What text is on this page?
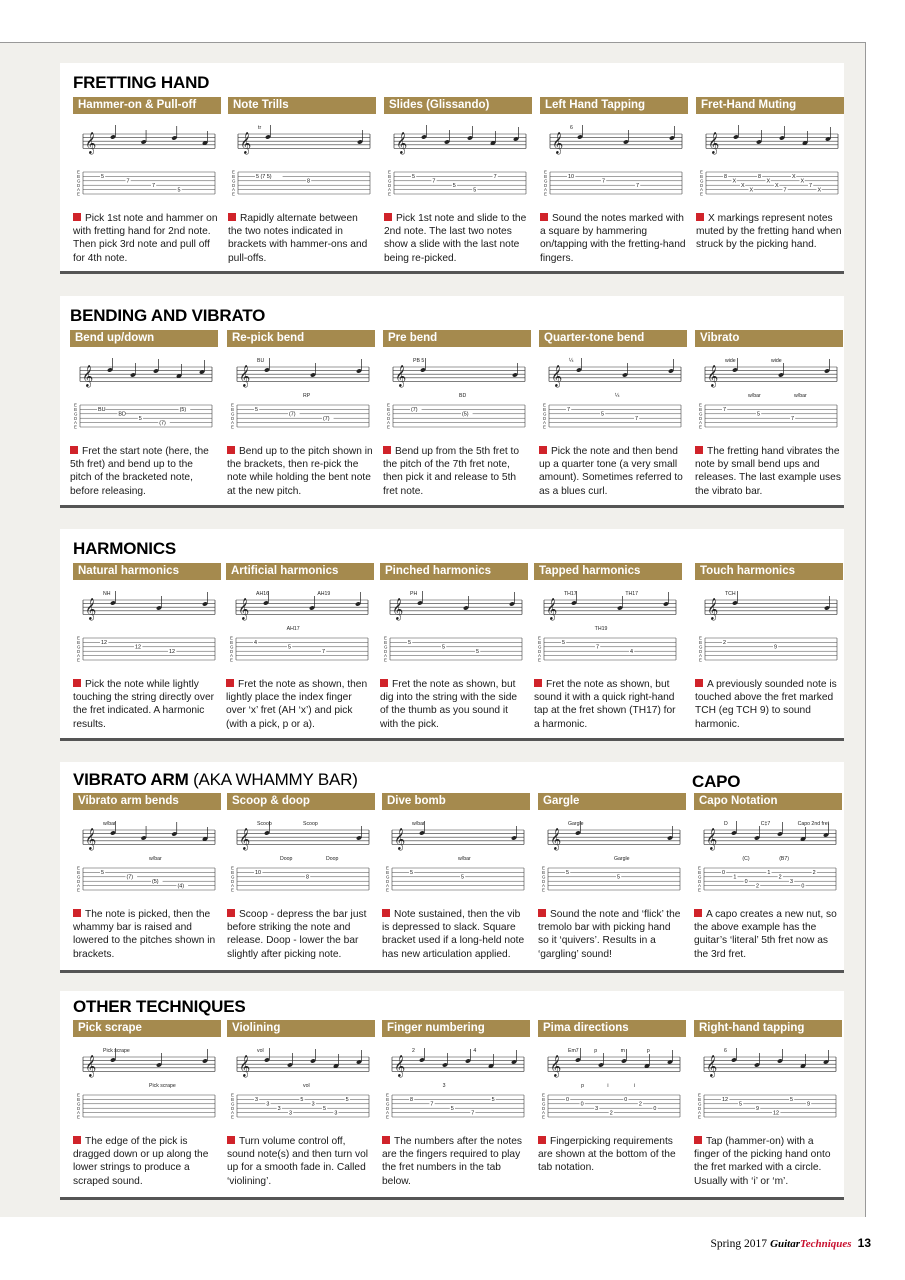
FRETTING HAND
Hammer-on & Pull-off
𝄞
E
B
G
D
A
E
5
7
7
5
Pick 1st note and hammer on with fretting hand for 2nd note. Then pick 3rd note and pull off for 4th note.
Note Trills
𝄞
E
B
G
D
A
E
tr
5 (7 5)
8
Rapidly alternate between the two notes indicated in brackets with hammer-ons and pull-offs.
Slides (Glissando)
𝄞
E
B
G
D
A
E
5
7
5
5
7
Pick 1st note and slide to the 2nd note. The last two notes show a slide with the last note being re-picked.
Left Hand Tapping
𝄞
E
B
G
D
A
E
6
10
7
7
Sound the notes marked with a square by hammering on/tapping with the fretting-hand fingers.
Fret-Hand Muting
𝄞
E
B
G
D
A
E
8
X
X
X
8
X
X
7
X
X
7
X
X markings represent notes muted by the fretting hand when struck by the picking hand.
BENDING AND VIBRATO
Bend up/down
𝄞
E
B
G
D
A
E
BU
BD
5
(7)
(5)
Fret the start note (here, the 5th fret) and bend up to the pitch of the bracketed note, before releasing.
Re-pick bend
𝄞
E
B
G
D
A
E
BU
RP
5
(7)
(7)
Bend up to the pitch shown in the brackets, then re-pick the note while holding the bent note at the new pitch.
Pre bend
𝄞
E
B
G
D
A
E
PB 5
BD
(7)
(5)
Bend up from the 5th fret to the pitch of the 7th fret note, then pick it and release to 5th fret note.
Quarter-tone bend
𝄞
E
B
G
D
A
E
¼
¼
7
5
7
Pick the note and then bend up a quarter tone (a very small amount). Sometimes referred to as a blues curl.
Vibrato
𝄞
E
B
G
D
A
E
wide
w/bar
wide
w/bar
7
5
7
The fretting hand vibrates the note by small bend ups and releases. The last example uses the vibrato bar.
HARMONICS
Natural harmonics
𝄞
E
B
G
D
A
E
NH
12
12
12
Pick the note while lightly touching the string directly over the fret indicated. A harmonic results.
Artificial harmonics
𝄞
E
B
G
D
A
E
AH16
AH17
AH19
4
5
7
Fret the note as shown, then lightly place the index finger over ‘x’ fret (AH ‘x’) and pick (with a pick, p or a).
Pinched harmonics
𝄞
E
B
G
D
A
E
PH
5
5
5
Fret the note as shown, but dig into the string with the side of the thumb as you sound it with the pick.
Tapped harmonics
𝄞
E
B
G
D
A
E
TH17
TH19
TH17
5
7
4
Fret the note as shown, but sound it with a quick right-hand tap at the fret shown (TH17) for a harmonic.
Touch harmonics
𝄞
E
B
G
D
A
E
TCH
2
9
A previously sounded note is touched above the fret marked TCH (eg TCH 9) to sound harmonic.
VIBRATO ARM (AKA WHAMMY BAR)	CAPO
Vibrato arm bends
𝄞
E
B
G
D
A
E
w/bar
w/bar
5
(7)
(5)
(4)
The note is picked, then the whammy bar is raised and lowered to the pitches shown in brackets.
Scoop & doop
𝄞
E
B
G
D
A
E
Scoop
Doop
Scoop
Doop
10
8
Scoop - depress the bar just before striking the note and release. Doop - lower the bar slightly after picking note.
Dive bomb
𝄞
E
B
G
D
A
E
w/bar
w/bar
5
5
Note sustained, then the vib is depressed to slack. Square bracket used if a long-held note has new articulation applied.
Gargle
𝄞
E
B
G
D
A
E
Gargle
Gargle
5
5
Sound the note and ‘flick’ the tremolo bar with picking hand so it ‘quivers’. Results in a ‘gargling’ sound!
Capo Notation
𝄞
E
B
G
D
A
E
D
(C)
C‡7
(B7)
Capo 2nd fret
0
1
0
2
1
2
3
0
2
A capo creates a new nut, so the above example has the guitar’s ‘literal’ 5th fret now as the 3rd fret.
OTHER TECHNIQUES
Pick scrape
𝄞
E
B
G
D
A
E
Pick scrape
Pick scrape
The edge of the pick is dragged down or up along the lower strings to produce a scraped sound.
Violining
𝄞
E
B
G
D
A
E
vol
vol
3
3
3
3
5
3
5
3
5
Turn volume control off, sound note(s) and then turn vol up for a smooth fade in. Called ‘violining’.
Finger numbering
𝄞
E
B
G
D
A
E
2
3
4
8
7
5
7
5
The numbers after the notes are the fingers required to play the fret numbers in the tab below.
Pima directions
𝄞
E
B
G
D
A
E
Em7
p
p
i
m
i
p
0
0
3
2
0
2
0
Fingerpicking requirements are shown at the bottom of the tab notation.
Right-hand tapping
𝄞
E
B
G
D
A
E
6
12
5
9
12
5
9
Tap (hammer-on) with a finger of the picking hand onto the fret marked with a circle. Usually with ‘i’ or ‘m’.
Spring 2017 GuitarTechniques 13
